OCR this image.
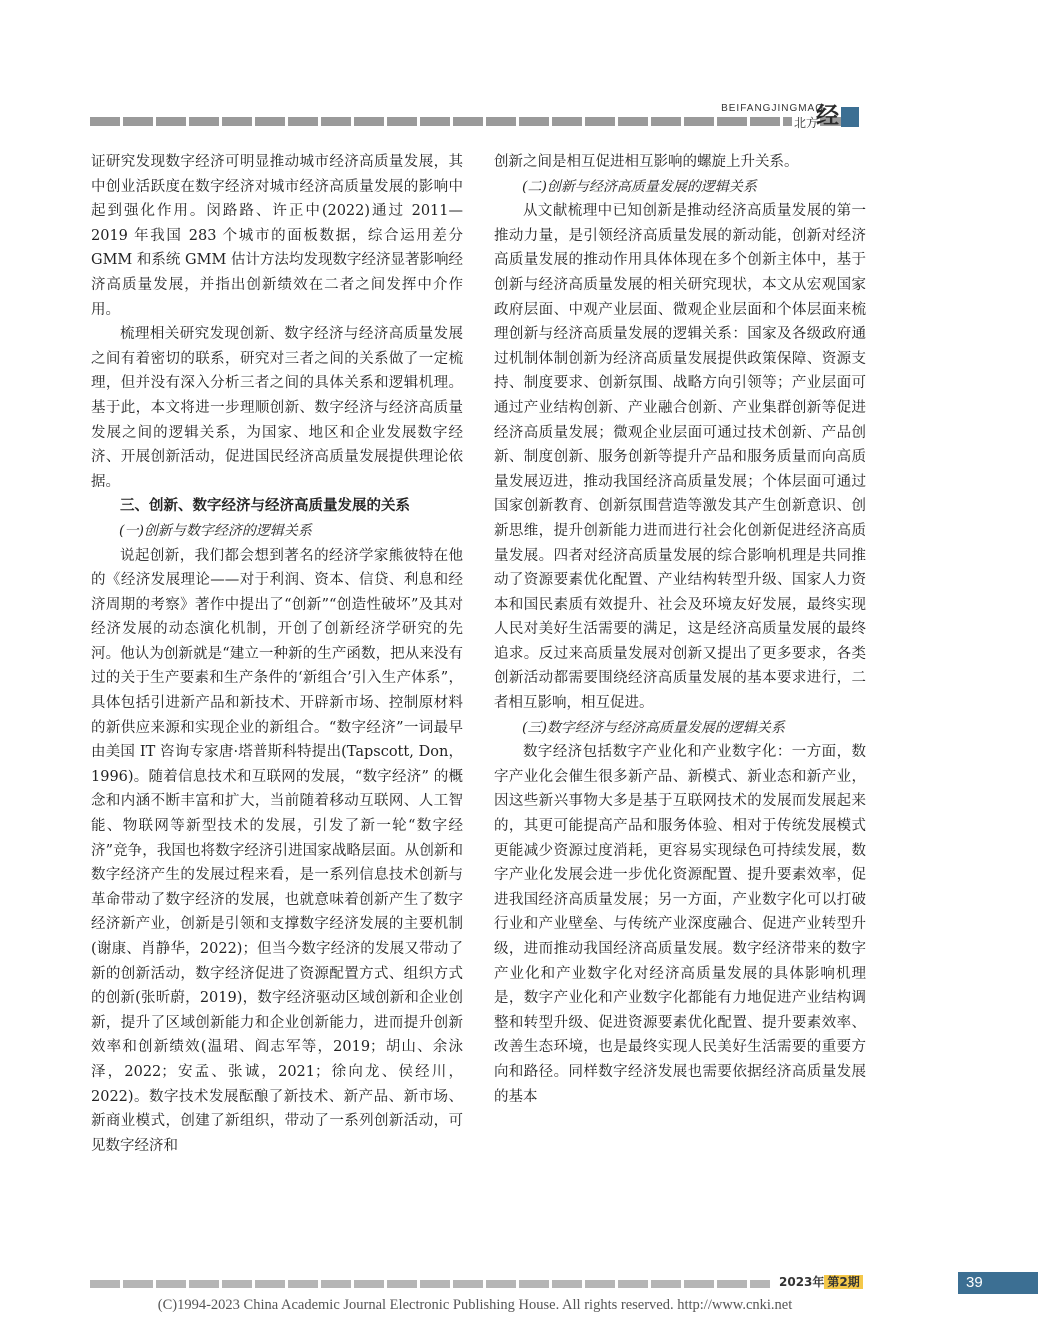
BEIFANGJINGMAO
北方
经

证研究发现数字经济可明显推动城市经济高质量发展，其中创业活跃度在数字经济对城市经济高质量发展的影响中起到强化作用。闵路路、许正中(2022)通过 2011—2019 年我国 283 个城市的面板数据，综合运用差分 GMM 和系统 GMM 估计方法均发现数字经济显著影响经济高质量发展，并指出创新绩效在二者之间发挥中介作用。

梳理相关研究发现创新、数字经济与经济高质量发展之间有着密切的联系，研究对三者之间的关系做了一定梳理，但并没有深入分析三者之间的具体关系和逻辑机理。基于此，本文将进一步理顺创新、数字经济与经济高质量发展之间的逻辑关系，为国家、地区和企业发展数字经济、开展创新活动，促进国民经济高质量发展提供理论依据。

三、创新、数字经济与经济高质量发展的关系
(一)创新与数字经济的逻辑关系

说起创新，我们都会想到著名的经济学家熊彼特在他的《经济发展理论——对于利润、资本、信贷、利息和经济周期的考察》著作中提出了“创新”“创造性破坏”及其对经济发展的动态演化机制，开创了创新经济学研究的先河。他认为创新就是“建立一种新的生产函数，把从来没有过的关于生产要素和生产条件的‘新组合’引入生产体系”，具体包括引进新产品和新技术、开辟新市场、控制原材料的新供应来源和实现企业的新组合。“数字经济”一词最早由美国 IT 咨询专家唐·塔普斯科特提出(Tapscott, Don，1996)。随着信息技术和互联网的发展，“数字经济” 的概念和内涵不断丰富和扩大，当前随着移动互联网、人工智能、物联网等新型技术的发展，引发了新一轮“数字经济”竞争，我国也将数字经济引进国家战略层面。从创新和数字经济产生的发展过程来看，是一系列信息技术创新与革命带动了数字经济的发展，也就意味着创新产生了数字经济新产业，创新是引领和支撑数字经济发展的主要机制(谢康、肖静华，2022)；但当今数字经济的发展又带动了新的创新活动，数字经济促进了资源配置方式、组织方式的创新(张昕蔚，2019)，数字经济驱动区域创新和企业创新，提升了区域创新能力和企业创新能力，进而提升创新效率和创新绩效(温珺、阎志军等，2019；胡山、余泳泽，2022；安孟、张诚，2021；徐向龙、侯经川，2022)。数字技术发展酝酿了新技术、新产品、新市场、新商业模式，创建了新组织，带动了一系列创新活动，可见数字经济和

创新之间是相互促进相互影响的螺旋上升关系。

(二)创新与经济高质量发展的逻辑关系

从文献梳理中已知创新是推动经济高质量发展的第一推动力量，是引领经济高质量发展的新动能，创新对经济高质量发展的推动作用具体体现在多个创新主体中，基于创新与经济高质量发展的相关研究现状，本文从宏观国家政府层面、中观产业层面、微观企业层面和个体层面来梳理创新与经济高质量发展的逻辑关系：国家及各级政府通过机制体制创新为经济高质量发展提供政策保障、资源支持、制度要求、创新氛围、战略方向引领等；产业层面可通过产业结构创新、产业融合创新、产业集群创新等促进经济高质量发展；微观企业层面可通过技术创新、产品创新、制度创新、服务创新等提升产品和服务质量而向高质量发展迈进，推动我国经济高质量发展；个体层面可通过国家创新教育、创新氛围营造等激发其产生创新意识、创新思维，提升创新能力进而进行社会化创新促进经济高质量发展。四者对经济高质量发展的综合影响机理是共同推动了资源要素优化配置、产业结构转型升级、国家人力资本和国民素质有效提升、社会及环境友好发展，最终实现人民对美好生活需要的满足，这是经济高质量发展的最终追求。反过来高质量发展对创新又提出了更多要求，各类创新活动都需要围绕经济高质量发展的基本要求进行，二者相互影响，相互促进。

(三)数字经济与经济高质量发展的逻辑关系

数字经济包括数字产业化和产业数字化：一方面，数字产业化会催生很多新产品、新模式、新业态和新产业，因这些新兴事物大多是基于互联网技术的发展而发展起来的，其更可能提高产品和服务体验、相对于传统发展模式更能减少资源过度消耗，更容易实现绿色可持续发展，数字产业化发展会进一步优化资源配置、提升要素效率，促进我国经济高质量发展；另一方面，产业数字化可以打破行业和产业壁垒、与传统产业深度融合、促进产业转型升级，进而推动我国经济高质量发展。数字经济带来的数字产业化和产业数字化对经济高质量发展的具体影响机理是，数字产业化和产业数字化都能有力地促进产业结构调整和转型升级、促进资源要素优化配置、提升要素效率、改善生态环境，也是最终实现人民美好生活需要的重要方向和路径。同样数字经济发展也需要依据经济高质量发展的基本

2023年 第2期	39
(C)1994-2023 China Academic Journal Electronic Publishing House. All rights reserved. http://www.cnki.net
